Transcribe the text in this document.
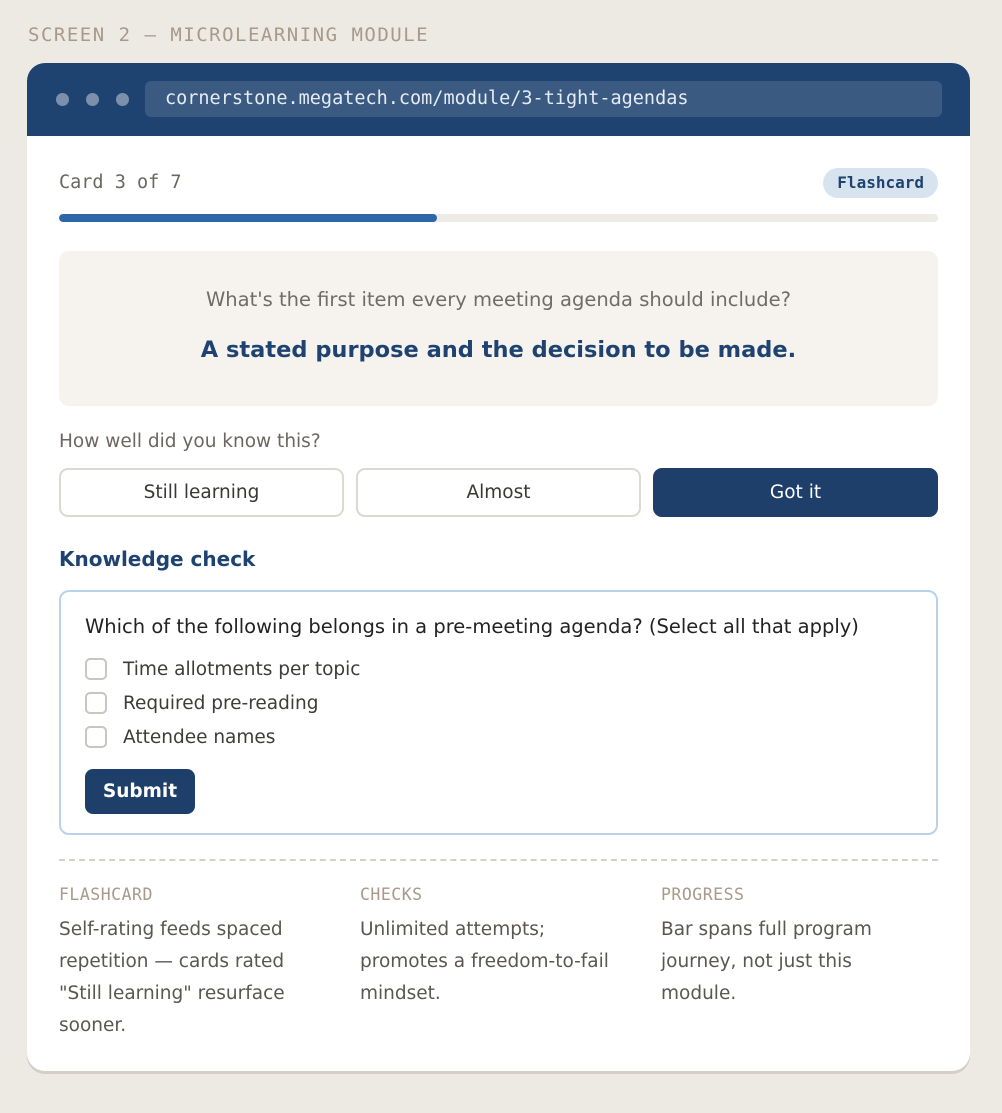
SCREEN 2 — MICROLEARNING MODULE
cornerstone.megatech.com/module/3-tight-agendas
Card 3 of 7	Flashcard
What's the first item every meeting agenda should include?
A stated purpose and the decision to be made.
How well did you know this?
Still learning	Almost	Got it
Knowledge check
Which of the following belongs in a pre-meeting agenda? (Select all that apply)
Time allotments per topic
Required pre-reading
Attendee names
Submit
FLASHCARD
Self-rating feeds spaced repetition — cards rated "Still learning" resurface sooner.
CHECKS
Unlimited attempts; promotes a freedom-to-fail mindset.
PROGRESS
Bar spans full program journey, not just this module.
